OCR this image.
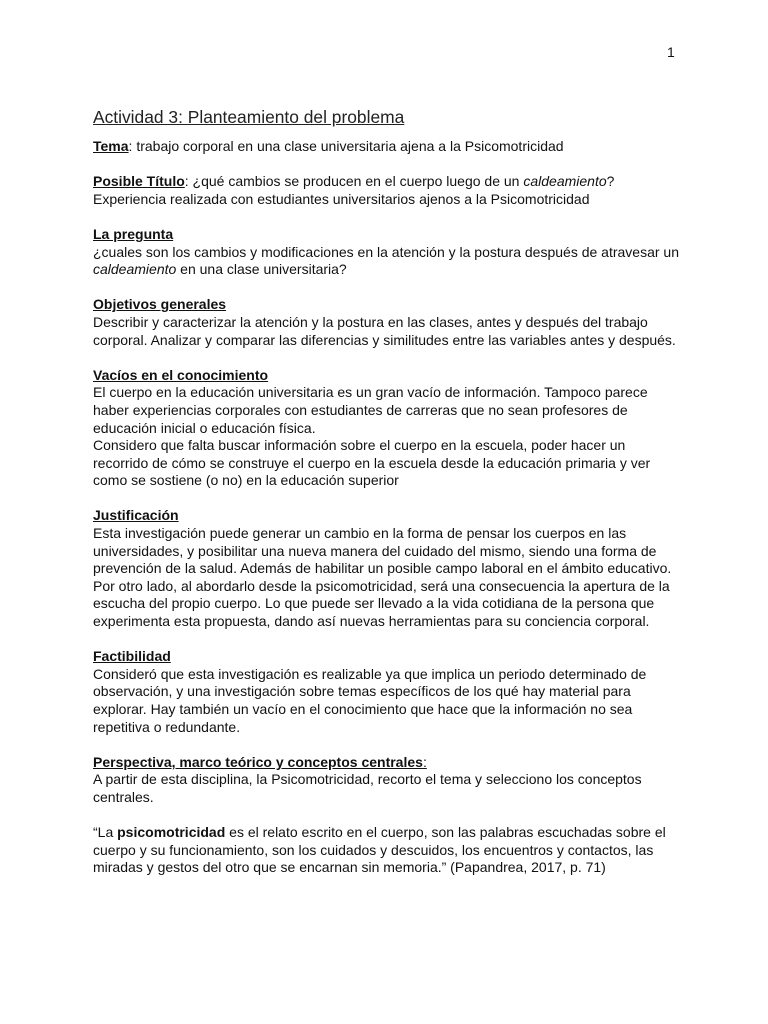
1
Actividad 3: Planteamiento del problema

Tema: trabajo corporal en una clase universitaria ajena a la Psicomotricidad

Posible Título: ¿qué cambios se producen en el cuerpo luego de un caldeamiento?
Experiencia realizada con estudiantes universitarios ajenos a la Psicomotricidad

La pregunta

¿cuales son los cambios y modificaciones en la atención y la postura después de atravesar un caldeamiento en una clase universitaria?

Objetivos generales

Describir y caracterizar la atención y la postura en las clases, antes y después del trabajo corporal. Analizar y comparar las diferencias y similitudes entre las variables antes y después.

Vacíos en el conocimiento

El cuerpo en la educación universitaria es un gran vacío de información. Tampoco parece haber experiencias corporales con estudiantes de carreras que no sean profesores de educación inicial o educación física.

Considero que falta buscar información sobre el cuerpo en la escuela, poder hacer un recorrido de cómo se construye el cuerpo en la escuela desde la educación primaria y ver como se sostiene (o no) en la educación superior

Justificación

Esta investigación puede generar un cambio en la forma de pensar los cuerpos en las universidades, y posibilitar una nueva manera del cuidado del mismo, siendo una forma de prevención de la salud. Además de habilitar un posible campo laboral en el ámbito educativo.

Por otro lado, al abordarlo desde la psicomotricidad, será una consecuencia la apertura de la escucha del propio cuerpo. Lo que puede ser llevado a la vida cotidiana de la persona que experimenta esta propuesta, dando así nuevas herramientas para su conciencia corporal.

Factibilidad

Consideró que esta investigación es realizable ya que implica un periodo determinado de observación, y una investigación sobre temas específicos de los qué hay material para explorar. Hay también un vacío en el conocimiento que hace que la información no sea repetitiva o redundante.

Perspectiva, marco teórico y conceptos centrales:

A partir de esta disciplina, la Psicomotricidad, recorto el tema y selecciono los conceptos centrales.

“La psicomotricidad es el relato escrito en el cuerpo, son las palabras escuchadas sobre el cuerpo y su funcionamiento, son los cuidados y descuidos, los encuentros y contactos, las miradas y gestos del otro que se encarnan sin memoria.” (Papandrea, 2017, p. 71)
